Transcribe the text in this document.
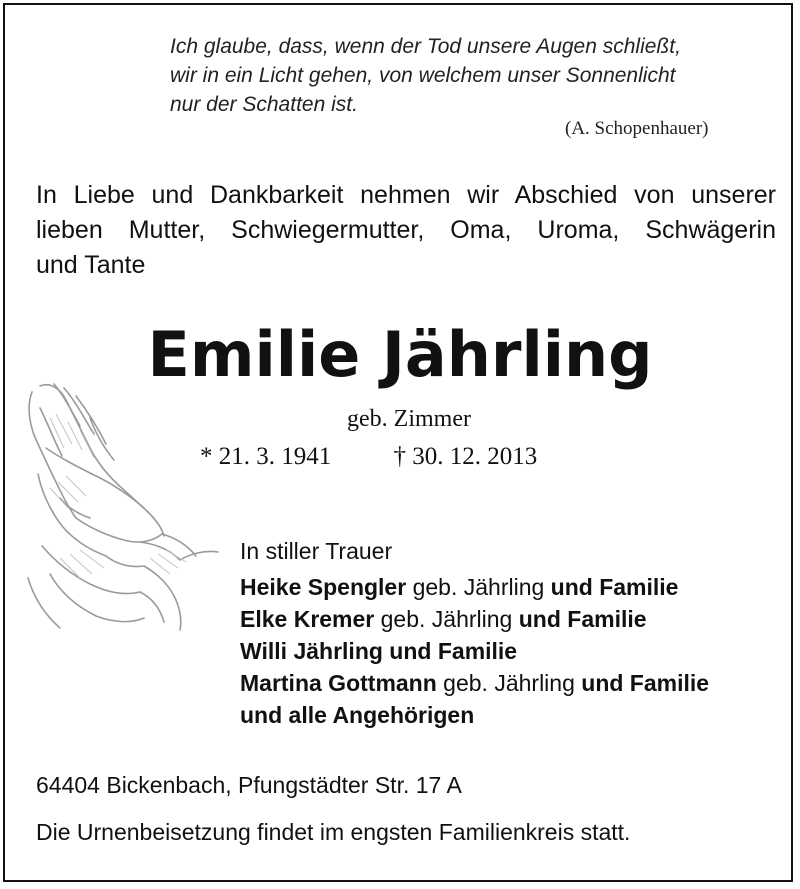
Ich glaube, dass, wenn der Tod unsere Augen schließt,
wir in ein Licht gehen, von welchem unser Sonnenlicht
nur der Schatten ist.
(A. Schopenhauer)
In Liebe und Dankbarkeit nehmen wir Abschied von unserer
lieben Mutter, Schwiegermutter, Oma, Uroma, Schwägerin
und Tante
Emilie Jährling
geb. Zimmer
* 21. 3. 1941 † 30. 12. 2013
In stiller Trauer
Heike Spengler geb. Jährling und Familie
Elke Kremer geb. Jährling und Familie
Willi Jährling und Familie
Martina Gottmann geb. Jährling und Familie
und alle Angehörigen
64404 Bickenbach, Pfungstädter Str. 17 A
Die Urnenbeisetzung findet im engsten Familienkreis statt.
